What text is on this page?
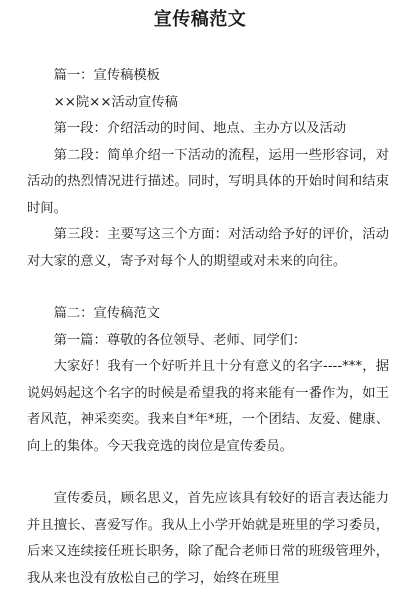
宣传稿范文

篇一：宣传稿模板

××院××活动宣传稿

第一段：介绍活动的时间、地点、主办方以及活动

第二段：简单介绍一下活动的流程，运用一些形容词，对活动的热烈情况进行描述。同时，写明具体的开始时间和结束时间。

第三段：主要写这三个方面：对活动给予好的评价，活动对大家的意义，寄予对每个人的期望或对未来的向往。

篇二：宣传稿范文

第一篇：尊敬的各位领导、老师、同学们：

大家好！我有一个好听并且十分有意义的名字----***，据说妈妈起这个名字的时候是希望我的将来能有一番作为，如王者风范，神采奕奕。我来自*年*班，一个团结、友爱、健康、向上的集体。今天我竞选的岗位是宣传委员。

宣传委员，顾名思义，首先应该具有较好的语言表达能力并且擅长、喜爱写作。我从上小学开始就是班里的学习委员，后来又连续接任班长职务，除了配合老师日常的班级管理外，我从来也没有放松自己的学习，始终在班里
